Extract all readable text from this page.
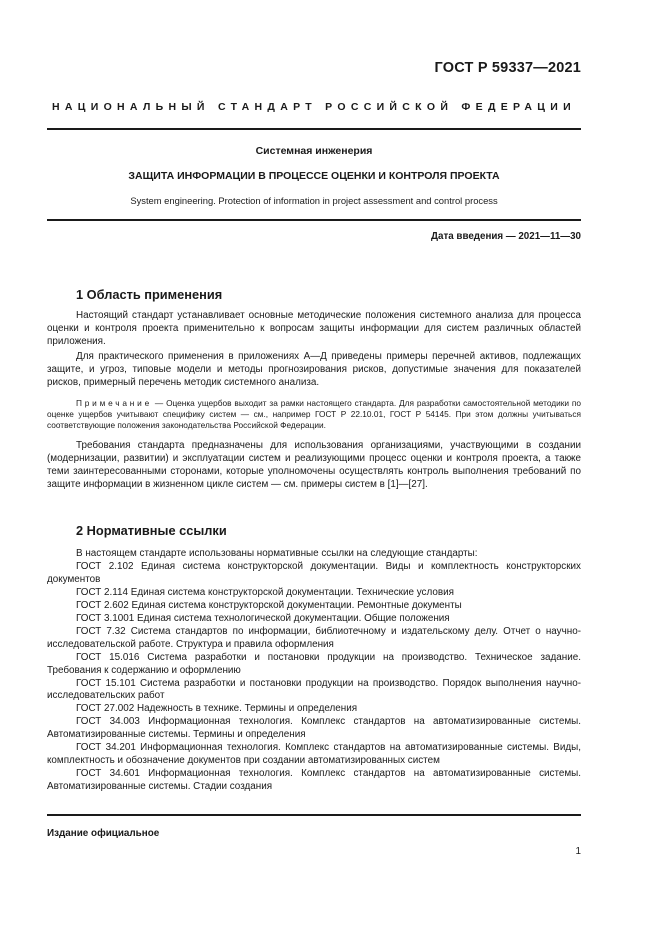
ГОСТ Р 59337—2021
НАЦИОНАЛЬНЫЙ СТАНДАРТ РОССИЙСКОЙ ФЕДЕРАЦИИ
Системная инженерия
ЗАЩИТА ИНФОРМАЦИИ В ПРОЦЕССЕ ОЦЕНКИ И КОНТРОЛЯ ПРОЕКТА
System engineering. Protection of information in project assessment and control process
Дата введения — 2021—11—30
1 Область применения

Настоящий стандарт устанавливает основные методические положения системного анализа для процесса оценки и контроля проекта применительно к вопросам защиты информации для систем различных областей приложения.

Для практического применения в приложениях А—Д приведены примеры перечней активов, подлежащих защите, и угроз, типовые модели и методы прогнозирования рисков, допустимые значения для показателей рисков, примерный перечень методик системного анализа.

Примечание — Оценка ущербов выходит за рамки настоящего стандарта. Для разработки самостоятельной методики по оценке ущербов учитывают специфику систем — см., например ГОСТ Р 22.10.01, ГОСТ Р 54145. При этом должны учитываться соответствующие положения законодательства Российской Федерации.

Требования стандарта предназначены для использования организациями, участвующими в создании (модернизации, развитии) и эксплуатации систем и реализующими процесс оценки и контроля проекта, а также теми заинтересованными сторонами, которые уполномочены осуществлять контроль выполнения требований по защите информации в жизненном цикле систем — см. примеры систем в [1]—[27].

2 Нормативные ссылки

В настоящем стандарте использованы нормативные ссылки на следующие стандарты:

ГОСТ 2.102 Единая система конструкторской документации. Виды и комплектность конструкторских документов

ГОСТ 2.114 Единая система конструкторской документации. Технические условия

ГОСТ 2.602 Единая система конструкторской документации. Ремонтные документы

ГОСТ 3.1001 Единая система технологической документации. Общие положения

ГОСТ 7.32 Система стандартов по информации, библиотечному и издательскому делу. Отчет о научно-исследовательской работе. Структура и правила оформления

ГОСТ 15.016 Система разработки и постановки продукции на производство. Техническое задание. Требования к содержанию и оформлению

ГОСТ 15.101 Система разработки и постановки продукции на производство. Порядок выполнения научно-исследовательских работ

ГОСТ 27.002 Надежность в технике. Термины и определения

ГОСТ 34.003 Информационная технология. Комплекс стандартов на автоматизированные системы. Автоматизированные системы. Термины и определения

ГОСТ 34.201 Информационная технология. Комплекс стандартов на автоматизированные системы. Виды, комплектность и обозначение документов при создании автоматизированных систем

ГОСТ 34.601 Информационная технология. Комплекс стандартов на автоматизированные системы. Автоматизированные системы. Стадии создания

Издание официальное
1
